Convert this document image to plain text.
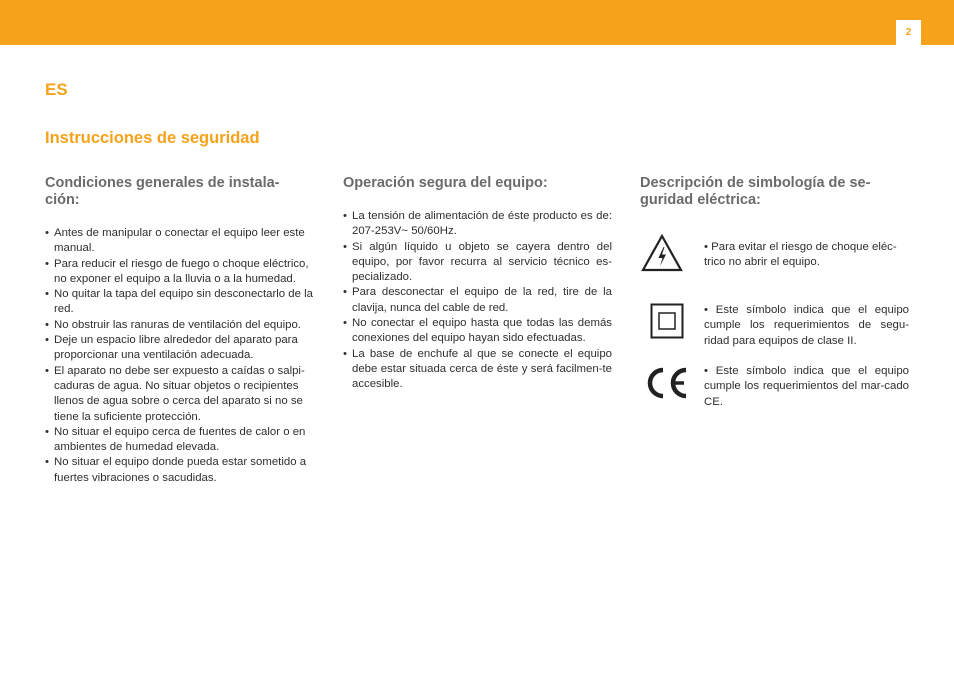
2
ES
Instrucciones de seguridad
Condiciones generales de instala-
ción:
• Antes de manipular o conectar el equipo leer este manual.
• Para reducir el riesgo de fuego o choque eléctrico, no exponer el equipo a la lluvia o a la humedad.
• No quitar la tapa del equipo sin desconectarlo de la red.
• No obstruir las ranuras de ventilación del equipo.
• Deje un espacio libre alrededor del aparato para proporcionar una ventilación adecuada.
• El aparato no debe ser expuesto a caídas o salpi-caduras de agua. No situar objetos o recipientes llenos de agua sobre o cerca del aparato si no se tiene la suficiente protección.
• No situar el equipo cerca de fuentes de calor o en ambientes de humedad elevada.
• No situar el equipo donde pueda estar sometido a fuertes vibraciones o sacudidas.
Operación segura del equipo:
• La tensión de alimentación de éste producto es de: 207-253V~ 50/60Hz.
• Si algún líquido u objeto se cayera dentro del equipo, por favor recurra al servicio técnico es-pecializado.
• Para desconectar el equipo de la red, tire de la clavija, nunca del cable de red.
• No conectar el equipo hasta que todas las demás conexiones del equipo hayan sido efectuadas.
• La base de enchufe al que se conecte el equipo debe estar situada cerca de éste y será facilmen-te accesible.
Descripción de simbología de se-
guridad eléctrica:
• Para evitar el riesgo de choque eléc- trico no abrir el equipo.
• Este símbolo indica que el equipo cumple los requerimientos de segu-ridad para equipos de clase II.
• Este símbolo indica que el equipo cumple los requerimientos del mar-cado CE.
